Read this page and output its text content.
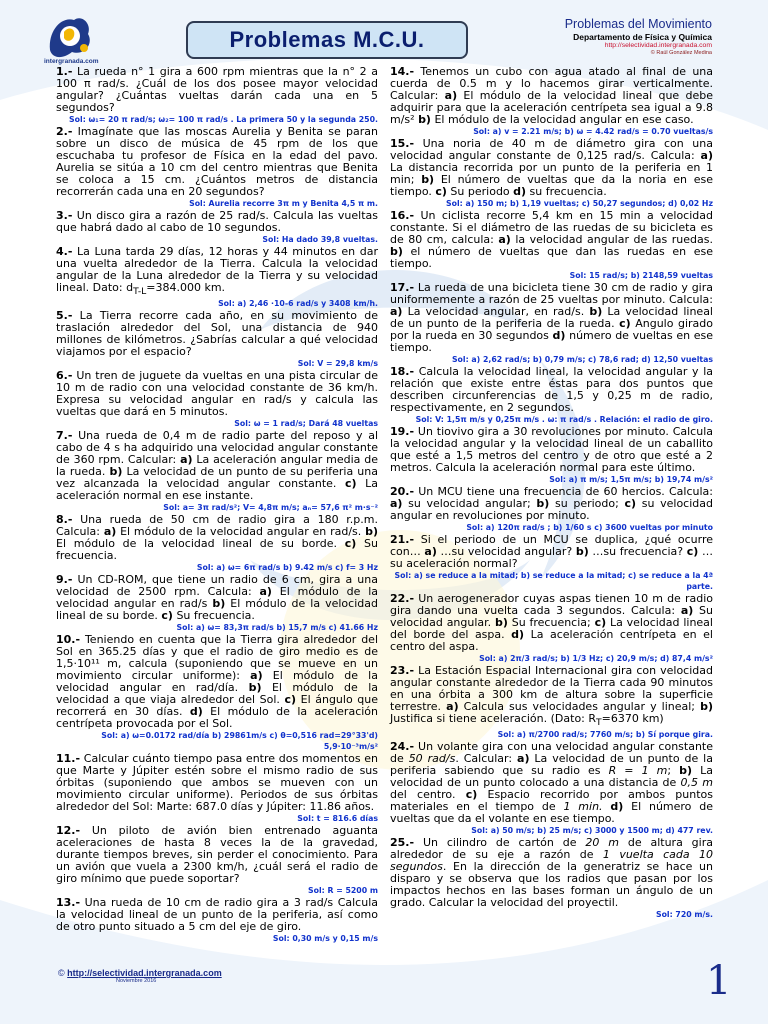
intergranada.com
Problemas M.C.U.
Problemas del Movimiento
Departamento de Física y Química
http://selectividad.intergranada.com
© Raúl González Medina

1.- La rueda n° 1 gira a 600 rpm mientras que la n° 2 a 100 π rad/s. ¿Cuál de los dos posee mayor velocidad angular? ¿Cuántas vueltas darán cada una en 5 segundos?

Sol: ω₁= 20 π rad/s; ω₂= 100 π rad/s . La primera 50 y la segunda 250.

2.- Imagínate que las moscas Aurelia y Benita se paran sobre un disco de música de 45 rpm de los que escuchaba tu profesor de Física en la edad del pavo. Aurelia se sitúa a 10 cm del centro mientras que Benita se coloca a 15 cm. ¿Cuántos metros de distancia recorrerán cada una en 20 segundos?

Sol: Aurelia recorre 3π m y Benita 4,5 π m.

3.- Un disco gira a razón de 25 rad/s. Calcula las vueltas que habrá dado al cabo de 10 segundos.

Sol: Ha dado 39,8 vueltas.

4.- La Luna tarda 29 días, 12 horas y 44 minutos en dar una vuelta alrededor de la Tierra. Calcula la velocidad angular de la Luna alrededor de la Tierra y su velocidad lineal. Dato: $d_{T-L}=384.000$ km.

Sol: a) 2,46 ·10-6 rad/s y 3408 km/h.

5.- La Tierra recorre cada año, en su movimiento de traslación alrededor del Sol, una distancia de 940 millones de kilómetros. ¿Sabrías calcular a qué velocidad viajamos por el espacio?

Sol: V = 29,8 km/s

6.- Un tren de juguete da vueltas en una pista circular de 10 m de radio con una velocidad constante de 36 km/h. Expresa su velocidad angular en rad/s y calcula las vueltas que dará en 5 minutos.

Sol: ω = 1 rad/s; Dará 48 vueltas

7.- Una rueda de 0,4 m de radio parte del reposo y al cabo de 4 s ha adquirido una velocidad angular constante de 360 rpm. Calcular: a) La aceleración angular media de la rueda. b) La velocidad de un punto de su periferia una vez alcanzada la velocidad angular constante. c) La aceleración normal en ese instante.

Sol: a= 3π rad/s²; V= 4,8π m/s; aₙ= 57,6 π² m·s⁻²

8.- Una rueda de 50 cm de radio gira a 180 r.p.m. Calcula: a) El módulo de la velocidad angular en rad/s. b) El módulo de la velocidad lineal de su borde. c) Su frecuencia.

Sol: a) ω= 6π rad/s b) 9.42 m/s c) f= 3 Hz

9.- Un CD-ROM, que tiene un radio de 6 cm, gira a una velocidad de 2500 rpm. Calcula: a) El módulo de la velocidad angular en rad/s b) El módulo de la velocidad lineal de su borde. c) Su frecuencia.

Sol: a) ω= 83,3π rad/s b) 15,7 m/s c) 41.66 Hz

10.- Teniendo en cuenta que la Tierra gira alrededor del Sol en 365.25 días y que el radio de giro medio es de 1,5·10¹¹ m, calcula (suponiendo que se mueve en un movimiento circular uniforme): a) El módulo de la velocidad angular en rad/día. b) El módulo de la velocidad a que viaja alrededor del Sol. c) El ángulo que recorrerá en 30 días. d) El módulo de la aceleración centrípeta provocada por el Sol.

Sol: a) ω=0.0172 rad/día b) 29861m/s c) θ=0,516 rad=29°33'd) 5,9·10⁻³m/s²

11.- Calcular cuánto tiempo pasa entre dos momentos en que Marte y Júpiter estén sobre el mismo radio de sus órbitas (suponiendo que ambos se mueven con un movimiento circular uniforme). Periodos de sus órbitas alrededor del Sol: Marte: 687.0 días y Júpiter: 11.86 años.

Sol: t = 816.6 días

12.- Un piloto de avión bien entrenado aguanta aceleraciones de hasta 8 veces la de la gravedad, durante tiempos breves, sin perder el conocimiento. Para un avión que vuela a 2300 km/h, ¿cuál será el radio de giro mínimo que puede soportar?

Sol: R = 5200 m

13.- Una rueda de 10 cm de radio gira a 3 rad/s Calcula la velocidad lineal de un punto de la periferia, así como de otro punto situado a 5 cm del eje de giro.

Sol: 0,30 m/s y 0,15 m/s

14.- Tenemos un cubo con agua atado al final de una cuerda de 0.5 m y lo hacemos girar verticalmente. Calcular: a) El módulo de la velocidad lineal que debe adquirir para que la aceleración centrípeta sea igual a 9.8 m/s² b) El módulo de la velocidad angular en ese caso.

Sol: a) v = 2.21 m/s; b) ω = 4.42 rad/s = 0.70 vueltas/s

15.- Una noria de 40 m de diámetro gira con una velocidad angular constante de 0,125 rad/s. Calcula: a) La distancia recorrida por un punto de la periferia en 1 min; b) El número de vueltas que da la noria en ese tiempo. c) Su periodo d) su frecuencia.

Sol: a) 150 m; b) 1,19 vueltas; c) 50,27 segundos; d) 0,02 Hz

16.- Un ciclista recorre 5,4 km en 15 min a velocidad constante. Si el diámetro de las ruedas de su bicicleta es de 80 cm, calcula: a) la velocidad angular de las ruedas. b) el número de vueltas que dan las ruedas en ese tiempo.

Sol: 15 rad/s; b) 2148,59 vueltas

17.- La rueda de una bicicleta tiene 30 cm de radio y gira uniformemente a razón de 25 vueltas por minuto. Calcula: a) La velocidad angular, en rad/s. b) La velocidad lineal de un punto de la periferia de la rueda. c) Angulo girado por la rueda en 30 segundos d) número de vueltas en ese tiempo.

Sol: a) 2,62 rad/s; b) 0,79 m/s; c) 78,6 rad; d) 12,50 vueltas

18.- Calcula la velocidad lineal, la velocidad angular y la relación que existe entre éstas para dos puntos que describen circunferencias de 1,5 y 0,25 m de radio, respectivamente, en 2 segundos.

Sol: V: 1,5π m/s y 0,25π m/s . ω: π rad/s . Relación: el radio de giro.

19.- Un tiovivo gira a 30 revoluciones por minuto. Calcula la velocidad angular y la velocidad lineal de un caballito que esté a 1,5 metros del centro y de otro que esté a 2 metros. Calcula la aceleración normal para este último.

Sol: a) π m/s; 1,5π m/s; b) 19,74 m/s²

20.- Un MCU tiene una frecuencia de 60 hercios. Calcula: a) su velocidad angular; b) su periodo; c) su velocidad angular en revoluciones por minuto.

Sol: a) 120π rad/s ; b) 1/60 s c) 3600 vueltas por minuto

21.- Si el periodo de un MCU se duplica, ¿qué ocurre con… a) …su velocidad angular? b) …su frecuencia? c) …su aceleración normal?

Sol: a) se reduce a la mitad; b) se reduce a la mitad; c) se reduce a la 4ª parte.

22.- Un aerogenerador cuyas aspas tienen 10 m de radio gira dando una vuelta cada 3 segundos. Calcula: a) Su velocidad angular. b) Su frecuencia; c) La velocidad lineal del borde del aspa. d) La aceleración centrípeta en el centro del aspa.

Sol: a) 2π/3 rad/s; b) 1/3 Hz; c) 20,9 m/s; d) 87,4 m/s²

23.- La Estación Espacial Internacional gira con velocidad angular constante alrededor de la Tierra cada 90 minutos en una órbita a 300 km de altura sobre la superficie terrestre. a) Calcula sus velocidades angular y lineal; b) Justifica si tiene aceleración. (Dato: $R_T=6370$ km)

Sol: a) π/2700 rad/s; 7760 m/s; b) Sí porque gira.

24.- Un volante gira con una velocidad angular constante de 50 rad/s. Calcular: a) La velocidad de un punto de la periferia sabiendo que su radio es R = 1 m; b) La velocidad de un punto colocado a una distancia de 0,5 m del centro. c) Espacio recorrido por ambos puntos materiales en el tiempo de 1 min. d) El número de vueltas que da el volante en ese tiempo.

Sol: a) 50 m/s; b) 25 m/s; c) 3000 y 1500 m; d) 477 rev.

25.- Un cilindro de cartón de 20 m de altura gira alrededor de su eje a razón de 1 vuelta cada 10 segundos. En la dirección de la generatriz se hace un disparo y se observa que los radios que pasan por los impactos hechos en las bases forman un ángulo de un grado. Calcular la velocidad del proyectil.

Sol: 720 m/s.
© http://selectividad.intergranada.com
Noviembre 2016	1
